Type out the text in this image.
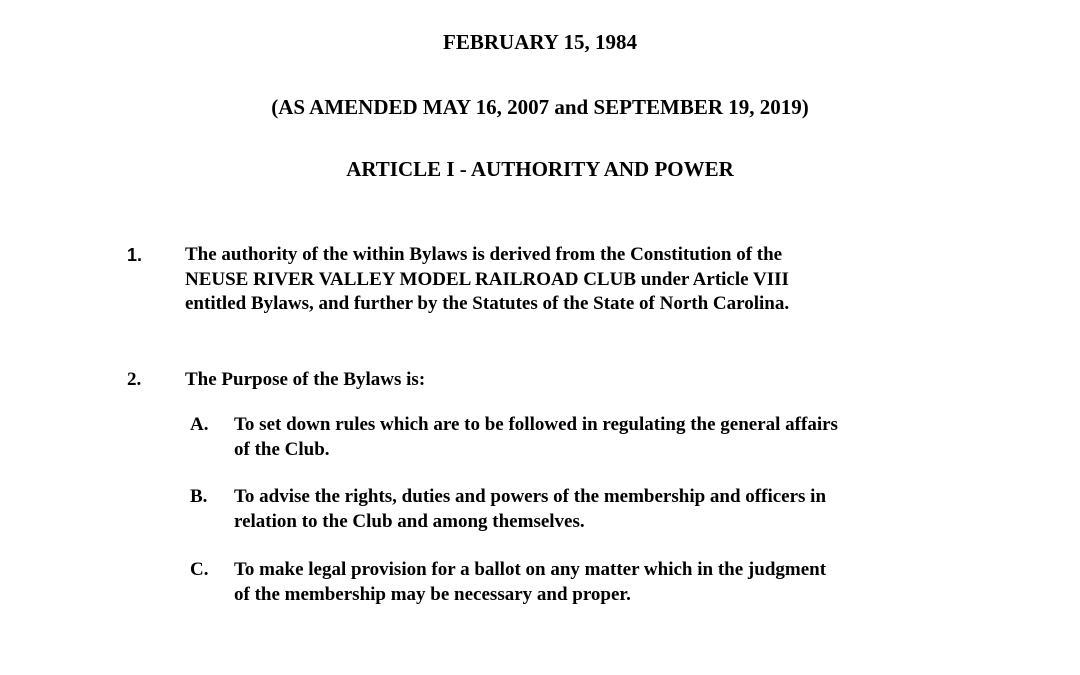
FEBRUARY 15, 1984
(AS AMENDED MAY 16, 2007 and SEPTEMBER 19, 2019)
ARTICLE I - AUTHORITY AND POWER
1. The authority of the within Bylaws is derived from the Constitution of the
NEUSE RIVER VALLEY MODEL RAILROAD CLUB under Article VIII
entitled Bylaws, and further by the Statutes of the State of North Carolina.
2. The Purpose of the Bylaws is:
A. To set down rules which are to be followed in regulating the general affairs
of the Club.
B. To advise the rights, duties and powers of the membership and officers in
relation to the Club and among themselves.
C. To make legal provision for a ballot on any matter which in the judgment
of the membership may be necessary and proper.
